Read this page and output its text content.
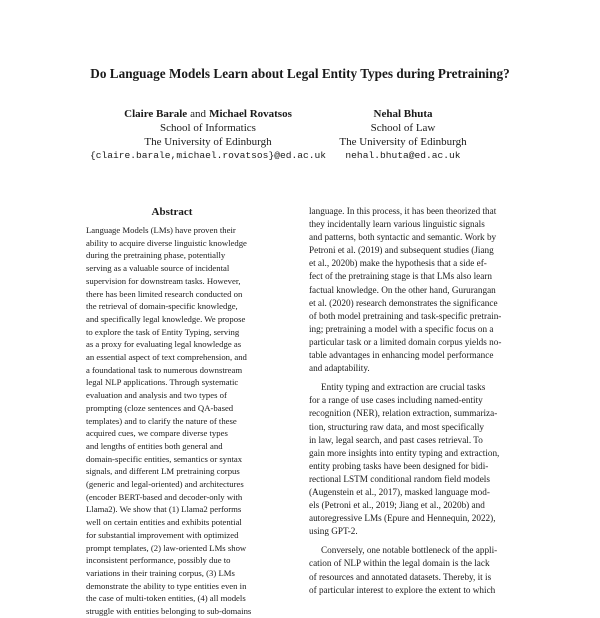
Do Language Models Learn about Legal Entity Types during Pretraining?
Claire Barale and Michael Rovatsos
School of Informatics
The University of Edinburgh
{claire.barale,michael.rovatsos}@ed.ac.uk
Nehal Bhuta
School of Law
The University of Edinburgh
nehal.bhuta@ed.ac.uk
Abstract
Language Models (LMs) have proven their
ability to acquire diverse linguistic knowledge
during the pretraining phase, potentially
serving as a valuable source of incidental
supervision for downstream tasks. However,
there has been limited research conducted on
the retrieval of domain-specific knowledge,
and specifically legal knowledge. We propose
to explore the task of Entity Typing, serving
as a proxy for evaluating legal knowledge as
an essential aspect of text comprehension, and
a foundational task to numerous downstream
legal NLP applications. Through systematic
evaluation and analysis and two types of
prompting (cloze sentences and QA-based
templates) and to clarify the nature of these
acquired cues, we compare diverse types
and lengths of entities both general and
domain-specific entities, semantics or syntax
signals, and different LM pretraining corpus
(generic and legal-oriented) and architectures
(encoder BERT-based and decoder-only with
Llama2). We show that (1) Llama2 performs
well on certain entities and exhibits potential
for substantial improvement with optimized
prompt templates, (2) law-oriented LMs show
inconsistent performance, possibly due to
variations in their training corpus, (3) LMs
demonstrate the ability to type entities even in
the case of multi-token entities, (4) all models
struggle with entities belonging to sub-domains
language. In this process, it has been theorized that
they incidentally learn various linguistic signals
and patterns, both syntactic and semantic. Work by
Petroni et al. (2019) and subsequent studies (Jiang
et al., 2020b) make the hypothesis that a side ef-
fect of the pretraining stage is that LMs also learn
factual knowledge. On the other hand, Gururangan
et al. (2020) research demonstrates the significance
of both model pretraining and task-specific pretrain-
ing; pretraining a model with a specific focus on a
particular task or a limited domain corpus yields no-
table advantages in enhancing model performance
and adaptability.
Entity typing and extraction are crucial tasks
for a range of use cases including named-entity
recognition (NER), relation extraction, summariza-
tion, structuring raw data, and most specifically
in law, legal search, and past cases retrieval. To
gain more insights into entity typing and extraction,
entity probing tasks have been designed for bidi-
rectional LSTM conditional random field models
(Augenstein et al., 2017), masked language mod-
els (Petroni et al., 2019; Jiang et al., 2020b) and
autoregressive LMs (Epure and Hennequin, 2022),
using GPT-2.
Conversely, one notable bottleneck of the appli-
cation of NLP within the legal domain is the lack
of resources and annotated datasets. Thereby, it is
of particular interest to explore the extent to which
